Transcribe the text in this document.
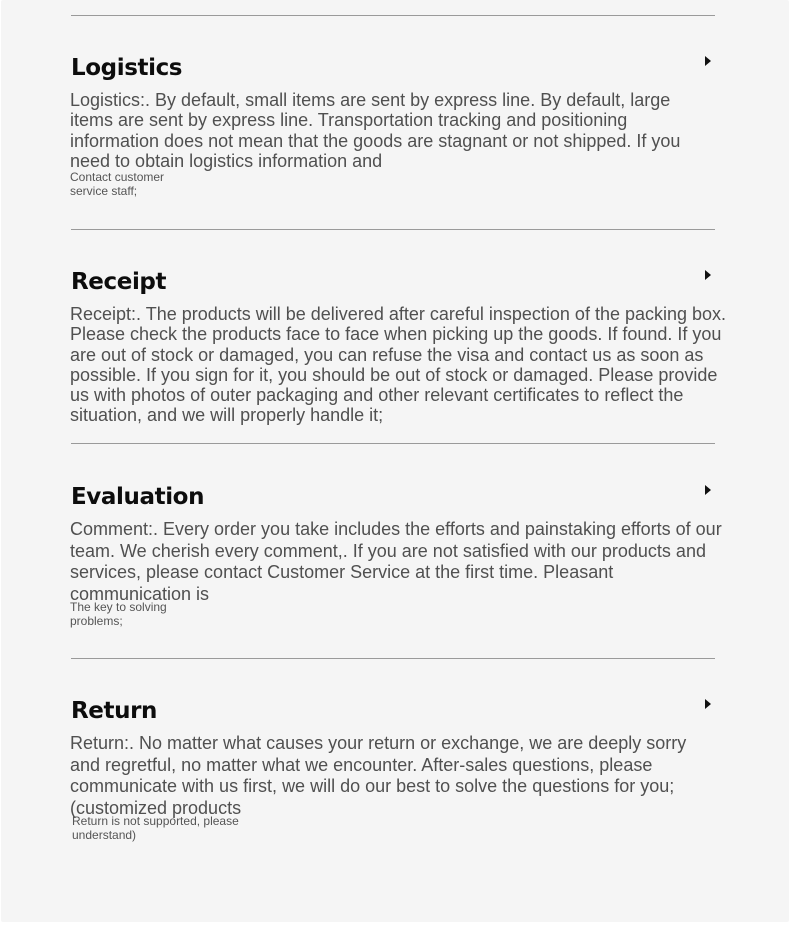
Logistics

Logistics:. By default, small items are sent by express line. By default, large items are sent by express line. Transportation tracking and positioning information does not mean that the goods are stagnant or not shipped. If you need to obtain logistics information and

Contact customer service staff;

Receipt

Receipt:. The products will be delivered after careful inspection of the packing box. Please check the products face to face when picking up the goods. If found. If you are out of stock or damaged, you can refuse the visa and contact us as soon as possible. If you sign for it, you should be out of stock or damaged. Please provide us with photos of outer packaging and other relevant certificates to reflect the situation, and we will properly handle it;

Evaluation

Comment:. Every order you take includes the efforts and painstaking efforts of our team. We cherish every comment,. If you are not satisfied with our products and services, please contact Customer Service at the first time. Pleasant communication is

The key to solving problems;

Return

Return:. No matter what causes your return or exchange, we are deeply sorry and regretful, no matter what we encounter. After-sales questions, please communicate with us first, we will do our best to solve the questions for you; (customized products

Return is not supported, please understand)
